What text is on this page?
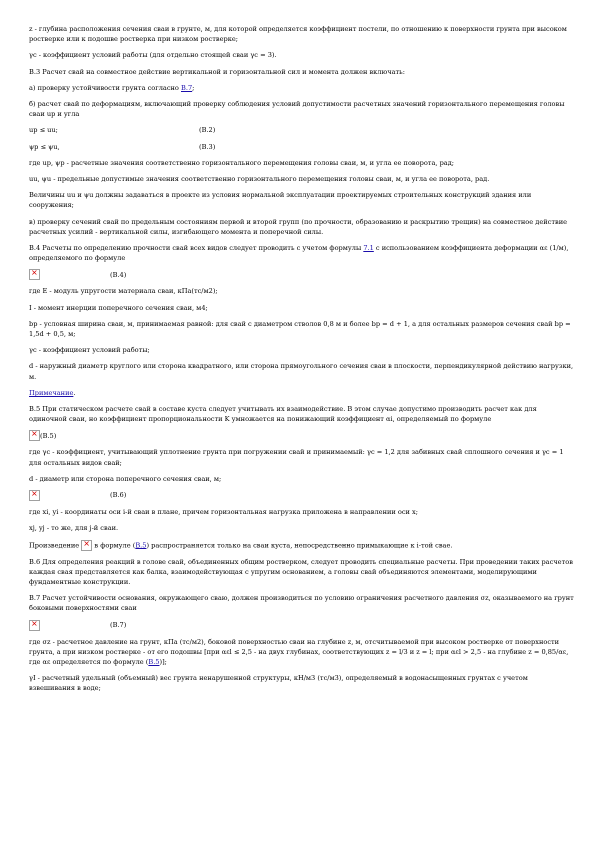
z - глубина расположения сечения сваи в грунте, м, для которой определяется коэффициент постели, по отношению к поверхности грунта при высоком ростверке или к подошве ростверка при низком ростверке;

γc - коэффициент условий работы (для отдельно стоящей сваи γc = 3).

В.3 Расчет свай на совместное действие вертикальной и горизонтальной сил и момента должен включать:

а) проверку устойчивости грунта согласно В.7;

б) расчет свай по деформациям, включающий проверку соблюдения условий допустимости расчетных значений горизонтального перемещения головы сваи up и угла

up ≤ uu;	(В.2)
ψp ≤ ψu,	(В.3)

где up, ψp - расчетные значения соответственно горизонтального перемещения головы сваи, м, и угла ее поворота, рад;

uu, ψu - предельные допустимые значения соответственно горизонтального перемещения головы сваи, м, и угла ее поворота, рад.

Величины uu и ψu должны задаваться в проекте из условия нормальной эксплуатации проектируемых строительных конструкций здания или сооружения;

в) проверку сечений свай по предельным состояниям первой и второй групп (по прочности, образованию и раскрытию трещин) на совместное действие расчетных усилий - вертикальной силы, изгибающего момента и поперечной силы.

В.4 Расчеты по определению прочности свай всех видов следует проводить с учетом формулы 7.1 с использованием коэффициента деформации αε (1/м), определяемого по формуле

×
(В.4)

где E - модуль упругости материала сваи, кПа(тс/м2);

I - момент инерции поперечного сечения сваи, м4;

bp - условная ширина сваи, м, принимаемая равной: для свай с диаметром стволов 0,8 м и более bp = d + 1, а для остальных размеров сечения свай bp = 1,5d + 0,5, м;

γc - коэффициент условий работы;

d - наружный диаметр круглого или сторона квадратного, или сторона прямоугольного сечения сваи в плоскости, перпендикулярной действию нагрузки, м.

Примечание.

В.5 При статическом расчете свай в составе куста следует учитывать их взаимодействие. В этом случае допустимо производить расчет как для одиночной сваи, но коэффициент пропорциональности K умножается на понижающий коэффициент αi, определяемый по формуле

×
(В.5)

где γc - коэффициент, учитывающий уплотнение грунта при погружении свай и принимаемый: γc = 1,2 для забивных свай сплошного сечения и γc = 1 для остальных видов свай;

d - диаметр или сторона поперечного сечения сваи, м;

×
(В.6)

где xi, yi - координаты оси i-й сваи в плане, причем горизонтальная нагрузка приложена в направлении оси x;

xj, yj - то же, для j-й сваи.

Произведение × в формуле (В.5) распространяется только на сваи куста, непосредственно примыкающие к i-той свае.

В.6 Для определения реакций в голове свай, объединенных общим ростверком, следует проводить специальные расчеты. При проведении таких расчетов каждая свая представляется как балка, взаимодействующая с упругим основанием, а головы свай объединяются элементами, моделирующими фундаментные конструкции.

В.7 Расчет устойчивости основания, окружающего сваю, должен производиться по условию ограничения расчетного давления σz, оказываемого на грунт боковыми поверхностями сваи

×
(В.7)

где σz - расчетное давление на грунт, кПа (тс/м2), боковой поверхностью сваи на глубине z, м, отсчитываемой при высоком ростверке от поверхности грунта, а при низком ростверке - от его подошвы [при αεl ≤ 2,5 - на двух глубинах, соответствующих z = l/3 и z = l; при αεl > 2,5 - на глубине z = 0,85/αε, где αε определяется по формуле (В.5)];

γI - расчетный удельный (объемный) вес грунта ненарушенной структуры, кН/м3 (тс/м3), определяемый в водонасыщенных грунтах с учетом взвешивания в воде;
